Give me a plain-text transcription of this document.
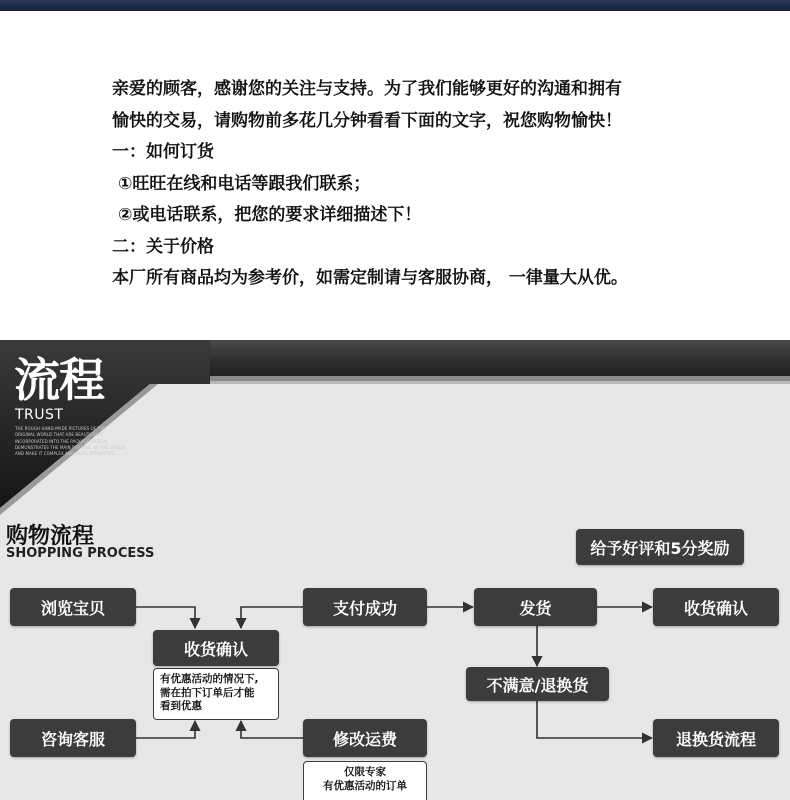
亲爱的顾客，感谢您的关注与支持。为了我们能够更好的沟通和拥有

愉快的交易，请购物前多花几分钟看看下面的文字，祝您购物愉快！

一：如何订货

①旺旺在线和电话等跟我们联系；

②或电话联系，把您的要求详细描述下！

二：关于价格

本厂所有商品均为参考价，如需定制请与客服协商， 一律量大从优。

流程
TRUST
THE ROUGH HAND-MADE PICTURES OF THE ORIGINAL WORLD THAT ARE BEAUTIFULLY INCORPORATED INTO THE PACKAGE DESIGN, DEMONSTRATES THE MAIN PURPOSE OF THE GOODS AND MAKE IT COMPLEX AND MORE ATTRACTIVE.
购物流程
SHOPPING PROCESS	给予好评和5分奖励
浏览宝贝	支付成功	发货	收货确认
收货确认
有优惠活动的情况下,
需在拍下订单后才能
看到优惠
不满意/退换货
咨询客服	修改运费	退换货流程
仅限专家
有优惠活动的订单
